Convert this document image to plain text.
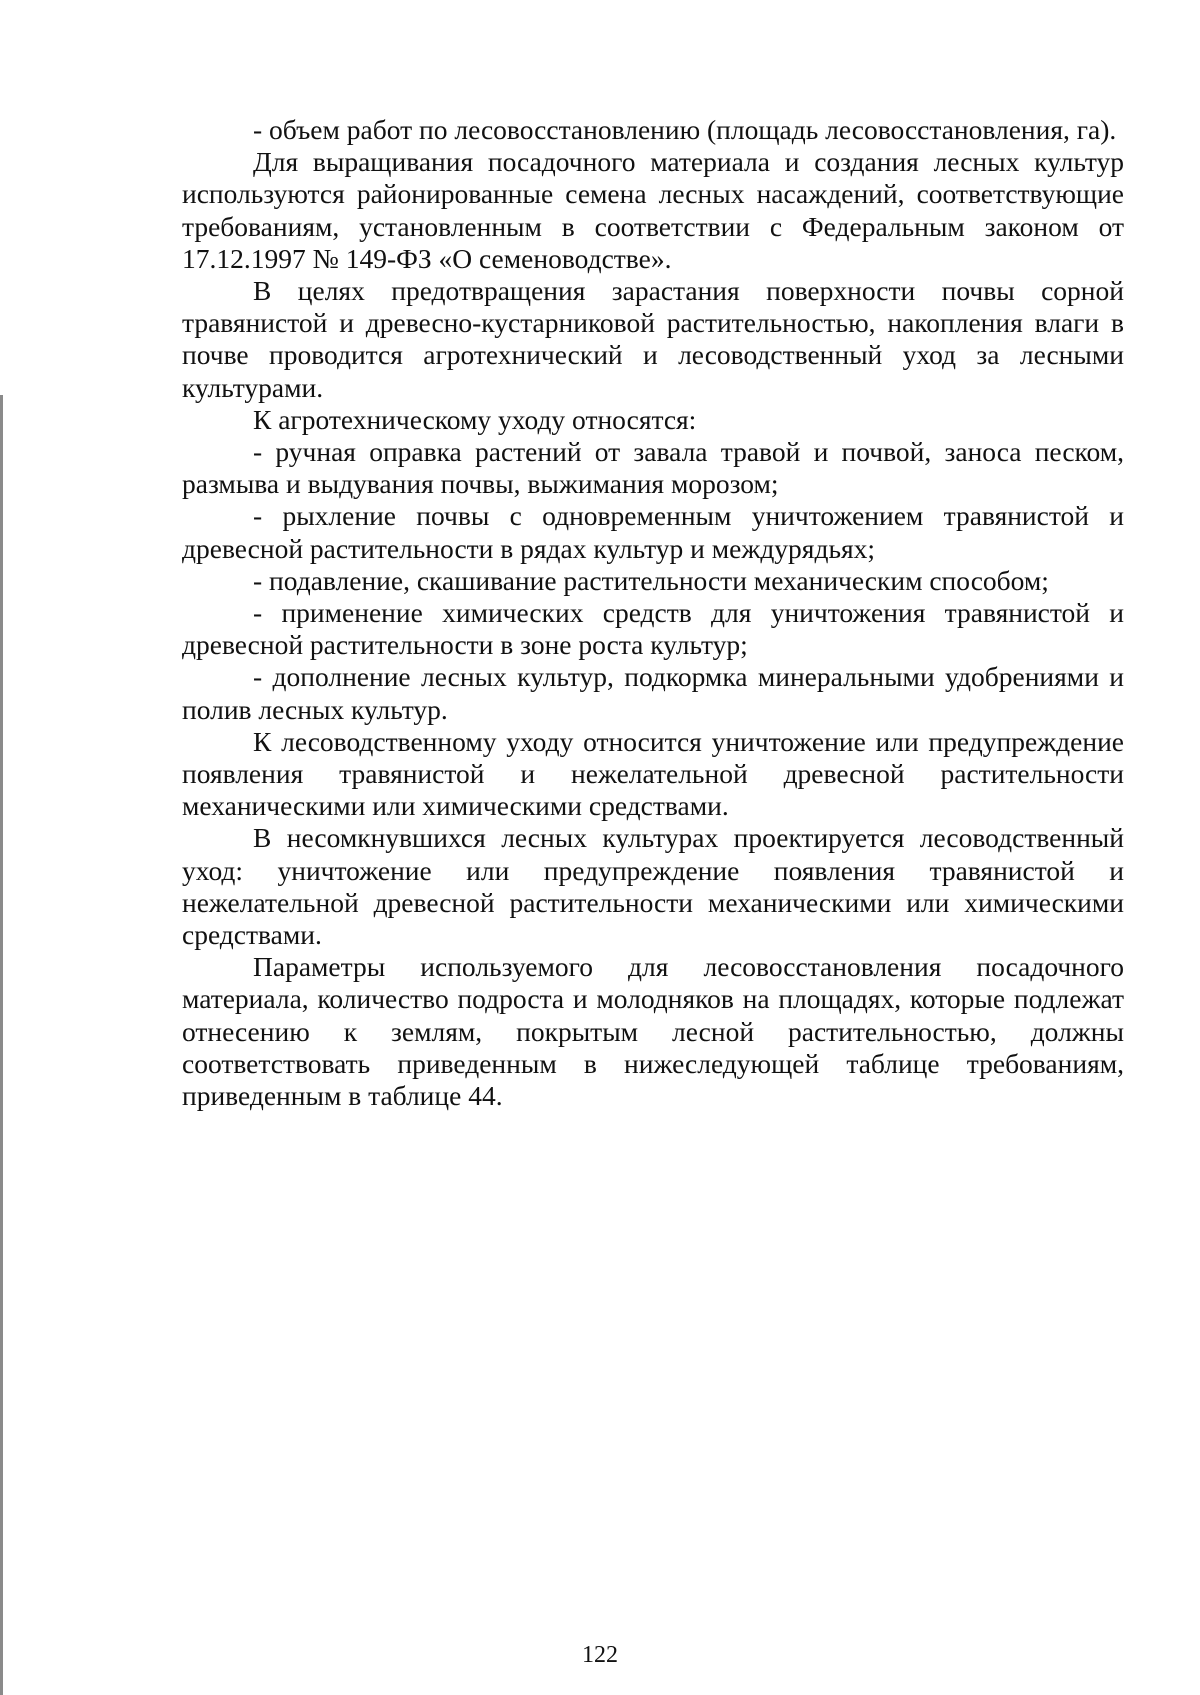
- объем работ по лесовосстановлению (площадь лесовосстановления, га).

Для выращивания посадочного материала и создания лесных культур используются районированные семена лесных насаждений, соответствующие требованиям, установленным в соответствии с Федеральным законом от 17.12.1997 № 149-ФЗ «О семеноводстве».

В целях предотвращения зарастания поверхности почвы сорной травянистой и древесно-кустарниковой растительностью, накопления влаги в почве проводится агротехнический и лесоводственный уход за лесными культурами.

К агротехническому уходу относятся:

- ручная оправка растений от завала травой и почвой, заноса песком, размыва и выдувания почвы, выжимания морозом;

- рыхление почвы с одновременным уничтожением травянистой и древесной растительности в рядах культур и междурядьях;

- подавление, скашивание растительности механическим способом;

- применение химических средств для уничтожения травянистой и древесной растительности в зоне роста культур;

- дополнение лесных культур, подкормка минеральными удобрениями и полив лесных культур.

К лесоводственному уходу относится уничтожение или предупреждение появления травянистой и нежелательной древесной растительности механическими или химическими средствами.

В несомкнувшихся лесных культурах проектируется лесоводственный уход: уничтожение или предупреждение появления травянистой и нежелательной древесной растительности механическими или химическими средствами.

Параметры используемого для лесовосстановления посадочного материала, количество подроста и молодняков на площадях, которые подлежат отнесению к землям, покрытым лесной растительностью, должны соответствовать приведенным в нижеследующей таблице требованиям, приведенным в таблице 44.

122
